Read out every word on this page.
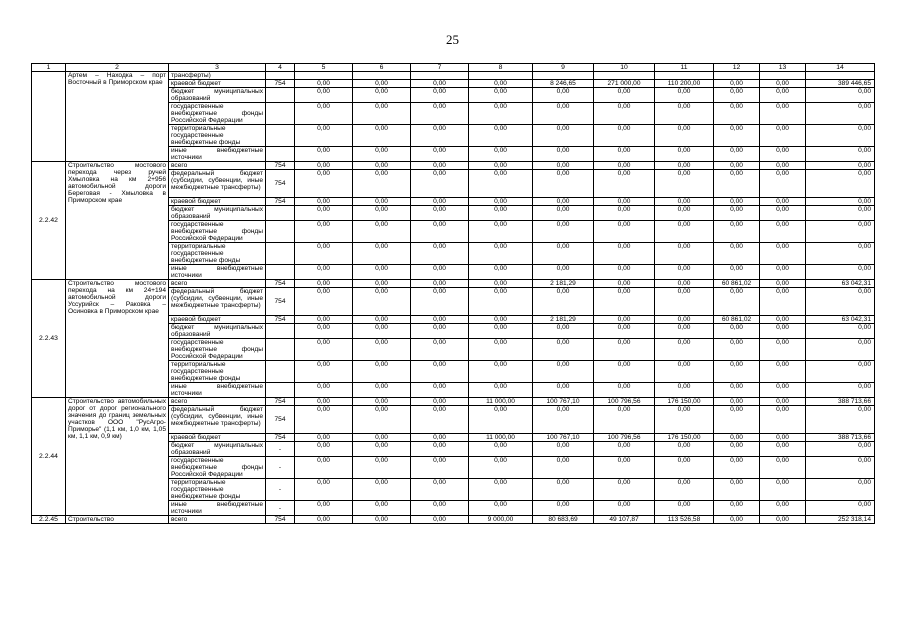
25
1	2	3	4	5	6	7	8	9	10	11	12	13	14
	Артем – Находка – порт Восточный в Приморском крае	трансферты)											
		краевой бюджет	754	0,00	0,00	0,00	0,00	8 246,65	271 000,00	110 200,00	0,00	0,00	389 446,65
		бюджет муниципальных образований		0,00	0,00	0,00	0,00	0,00	0,00	0,00	0,00	0,00	0,00
		государственные внебюджетные фонды Российской Федерации		0,00	0,00	0,00	0,00	0,00	0,00	0,00	0,00	0,00	0,00
		территориальные государственные внебюджетные фонды		0,00	0,00	0,00	0,00	0,00	0,00	0,00	0,00	0,00	0,00
		иные внебюджетные источники		0,00	0,00	0,00	0,00	0,00	0,00	0,00	0,00	0,00	0,00
2.2.42	Строительство мостового перехода через ручей Хмыловка на км 2+956 автомобильной дороги Береговая - Хмыловка в Приморском крае	всего	754	0,00	0,00	0,00	0,00	0,00	0,00	0,00	0,00	0,00	0,00
		федеральный бюджет (субсидии, субвенции, иные межбюджетные трансферты)	754	0,00	0,00	0,00	0,00	0,00	0,00	0,00	0,00	0,00	0,00
		краевой бюджет	754	0,00	0,00	0,00	0,00	0,00	0,00	0,00	0,00	0,00	0,00
		бюджет муниципальных образований		0,00	0,00	0,00	0,00	0,00	0,00	0,00	0,00	0,00	0,00
		государственные внебюджетные фонды Российской Федерации		0,00	0,00	0,00	0,00	0,00	0,00	0,00	0,00	0,00	0,00
		территориальные государственные внебюджетные фонды		0,00	0,00	0,00	0,00	0,00	0,00	0,00	0,00	0,00	0,00
		иные внебюджетные источники		0,00	0,00	0,00	0,00	0,00	0,00	0,00	0,00	0,00	0,00
2.2.43	Строительство мостового перехода на км 24+194 автомобильной дороги Уссурийск – Раковка – Осиновка в Приморском крае	всего	754	0,00	0,00	0,00	0,00	2 181,29	0,00	0,00	60 861,02	0,00	63 042,31
		федеральный бюджет (субсидии, субвенции, иные межбюджетные трансферты)	754	0,00	0,00	0,00	0,00	0,00	0,00	0,00	0,00	0,00	0,00
		краевой бюджет	754	0,00	0,00	0,00	0,00	2 181,29	0,00	0,00	60 861,02	0,00	63 042,31
		бюджет муниципальных образований		0,00	0,00	0,00	0,00	0,00	0,00	0,00	0,00	0,00	0,00
		государственные внебюджетные фонды Российской Федерации		0,00	0,00	0,00	0,00	0,00	0,00	0,00	0,00	0,00	0,00
		территориальные государственные внебюджетные фонды		0,00	0,00	0,00	0,00	0,00	0,00	0,00	0,00	0,00	0,00
		иные внебюджетные источники		0,00	0,00	0,00	0,00	0,00	0,00	0,00	0,00	0,00	0,00
2.2.44	Строительство автомобильных дорог от дорог регионального значения до границ земельных участков ООО "РусАгро-Приморье" (1,1 км, 1,0 км, 1,05 км, 1,1 км, 0,9 км)	всего	754	0,00	0,00	0,00	11 000,00	100 767,10	100 796,56	176 150,00	0,00	0,00	388 713,66
		федеральный бюджет (субсидии, субвенции, иные межбюджетные трансферты)	754	0,00	0,00	0,00	0,00	0,00	0,00	0,00	0,00	0,00	0,00
		краевой бюджет	754	0,00	0,00	0,00	11 000,00	100 767,10	100 796,56	176 150,00	0,00	0,00	388 713,66
		бюджет муниципальных образований	-	0,00	0,00	0,00	0,00	0,00	0,00	0,00	0,00	0,00	0,00
		государственные внебюджетные фонды Российской Федерации	-	0,00	0,00	0,00	0,00	0,00	0,00	0,00	0,00	0,00	0,00
		территориальные государственные внебюджетные фонды	-	0,00	0,00	0,00	0,00	0,00	0,00	0,00	0,00	0,00	0,00
		иные внебюджетные источники	-	0,00	0,00	0,00	0,00	0,00	0,00	0,00	0,00	0,00	0,00
2.2.45	Строительство	всего	754	0,00	0,00	0,00	9 000,00	80 683,69	49 107,87	113 526,58	0,00	0,00	252 318,14
